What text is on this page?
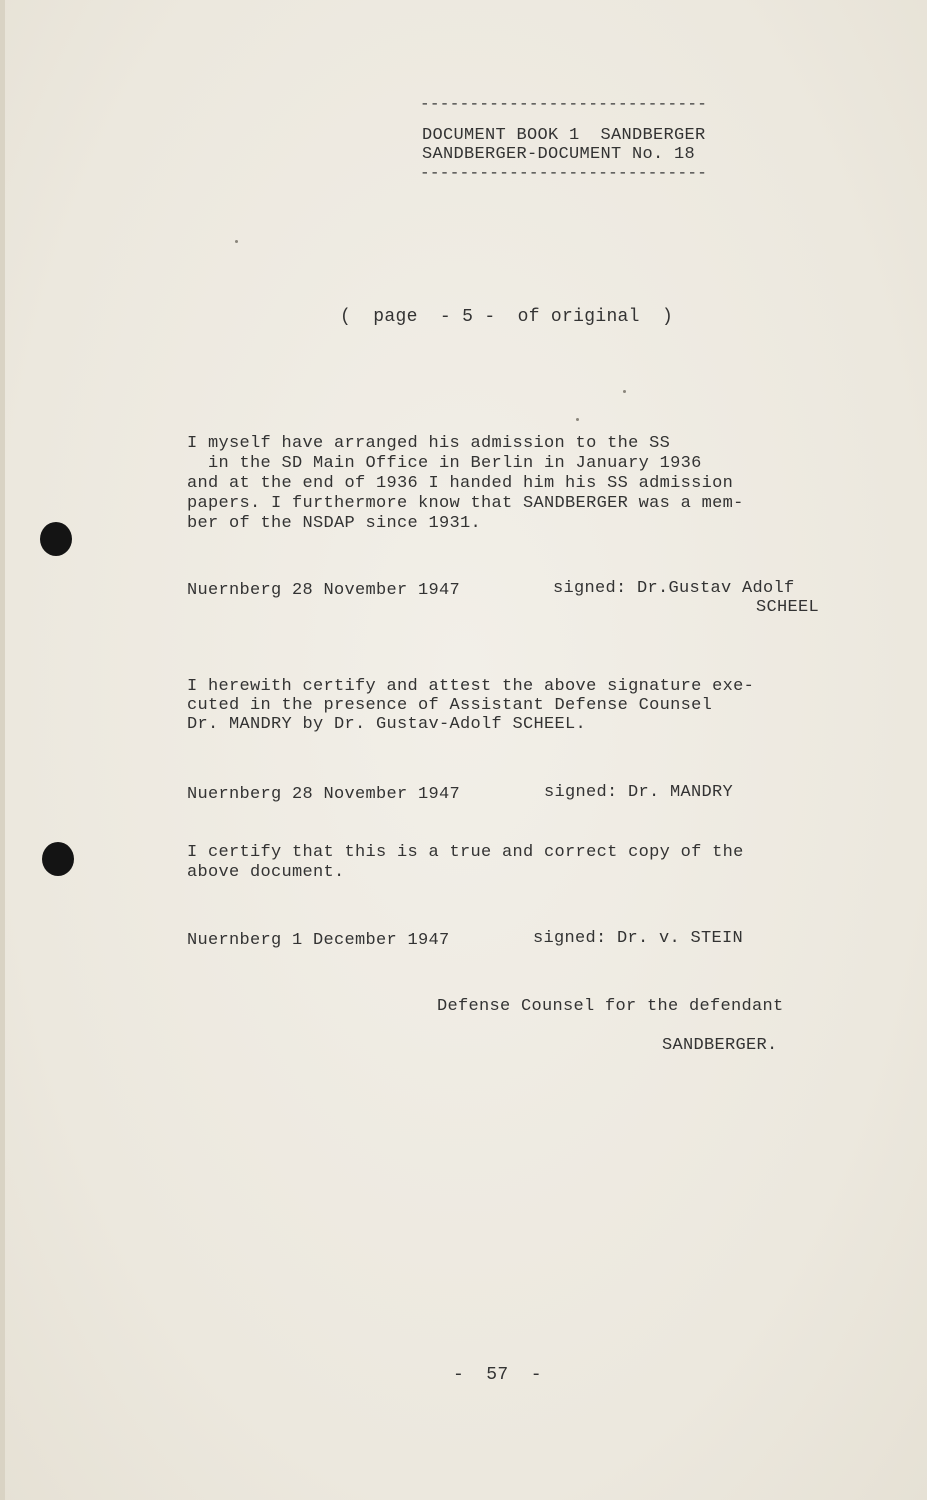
-----------------------------
DOCUMENT BOOK 1  SANDBERGER
SANDBERGER-DOCUMENT No. 18
-----------------------------
(  page  - 5 -  of original  )
I myself have arranged his admission to the SS
in the SD Main Office in Berlin in January 1936
and at the end of 1936 I handed him his SS admission
papers. I furthermore know that SANDBERGER was a mem-
ber of the NSDAP since 1931.
Nuernberg 28 November 1947	signed: Dr.Gustav Adolf
SCHEEL
I herewith certify and attest the above signature exe-
cuted in the presence of Assistant Defense Counsel
Dr. MANDRY by Dr. Gustav-Adolf SCHEEL.
Nuernberg 28 November 1947	signed: Dr. MANDRY
I certify that this is a true and correct copy of the
above document.
Nuernberg 1 December 1947	signed: Dr. v. STEIN
Defense Counsel for the defendant
SANDBERGER.
-  57  -
